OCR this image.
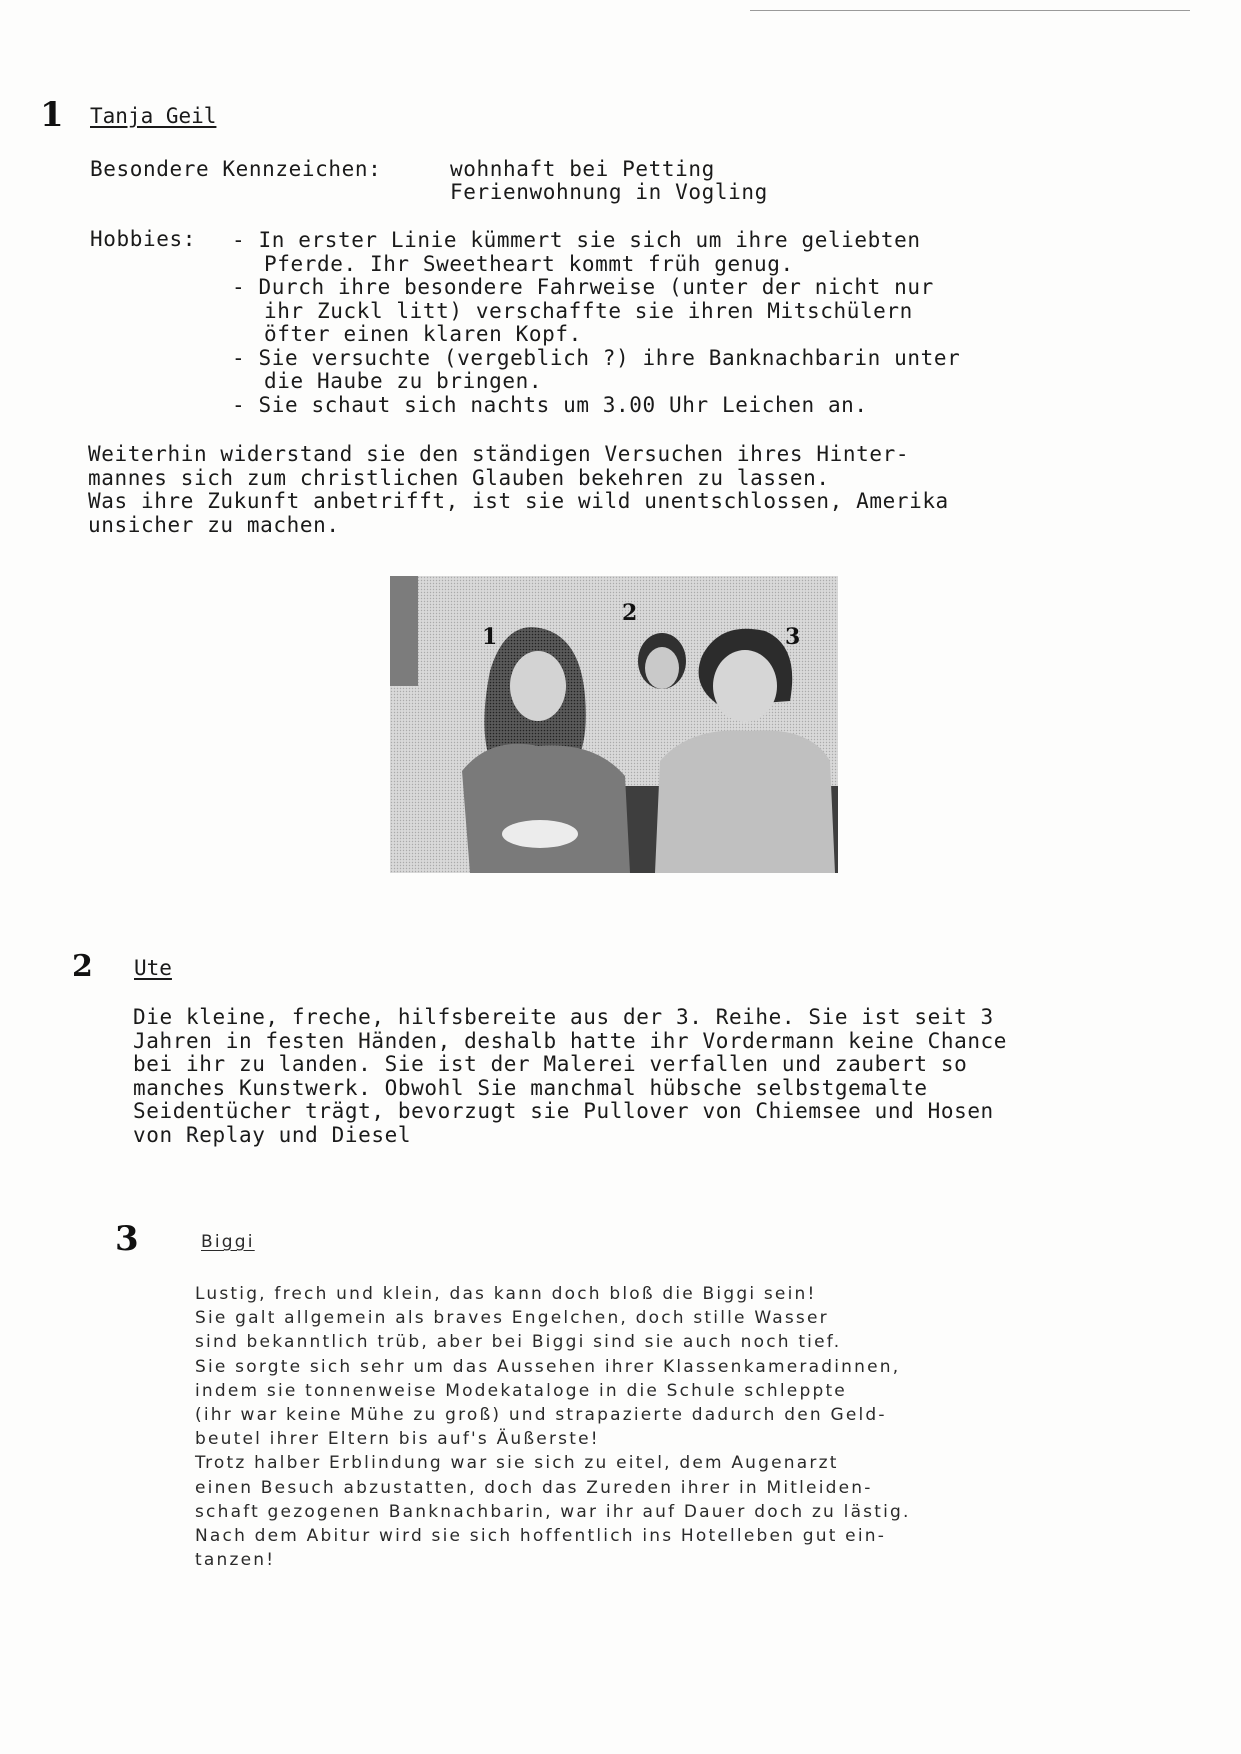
1 Tanja Geil
Besondere Kennzeichen:	wohnhaft bei Petting
Ferienwohnung in Vogling
Hobbies: - In erster Linie kümmert sie sich um ihre geliebten
Pferde. Ihr Sweetheart kommt früh genug.
- Durch ihre besondere Fahrweise (unter der nicht nur
ihr Zuckl litt) verschaffte sie ihren Mitschülern
öfter einen klaren Kopf.
- Sie versuchte (vergeblich ?) ihre Banknachbarin unter
die Haube zu bringen.
- Sie schaut sich nachts um 3.00 Uhr Leichen an.
Weiterhin widerstand sie den ständigen Versuchen ihres Hinter-
mannes sich zum christlichen Glauben bekehren zu lassen.
Was ihre Zukunft anbetrifft, ist sie wild unentschlossen, Amerika
unsicher zu machen.
1
2
3
2 Ute
Die kleine, freche, hilfsbereite aus der 3. Reihe. Sie ist seit 3
Jahren in festen Händen, deshalb hatte ihr Vordermann keine Chance
bei ihr zu landen. Sie ist der Malerei verfallen und zaubert so
manches Kunstwerk. Obwohl Sie manchmal hübsche selbstgemalte
Seidentücher trägt, bevorzugt sie Pullover von Chiemsee und Hosen
von Replay und Diesel
3	Biggi
Lustig, frech und klein, das kann doch bloß die Biggi sein!
Sie galt allgemein als braves Engelchen, doch stille Wasser
sind bekanntlich trüb, aber bei Biggi sind sie auch noch tief.
Sie sorgte sich sehr um das Aussehen ihrer Klassenkameradinnen,
indem sie tonnenweise Modekataloge in die Schule schleppte
(ihr war keine Mühe zu groß) und strapazierte dadurch den Geld-
beutel ihrer Eltern bis auf's Äußerste!
Trotz halber Erblindung war sie sich zu eitel, dem Augenarzt
einen Besuch abzustatten, doch das Zureden ihrer in Mitleiden-
schaft gezogenen Banknachbarin, war ihr auf Dauer doch zu lästig.
Nach dem Abitur wird sie sich hoffentlich ins Hotelleben gut ein-
tanzen!
